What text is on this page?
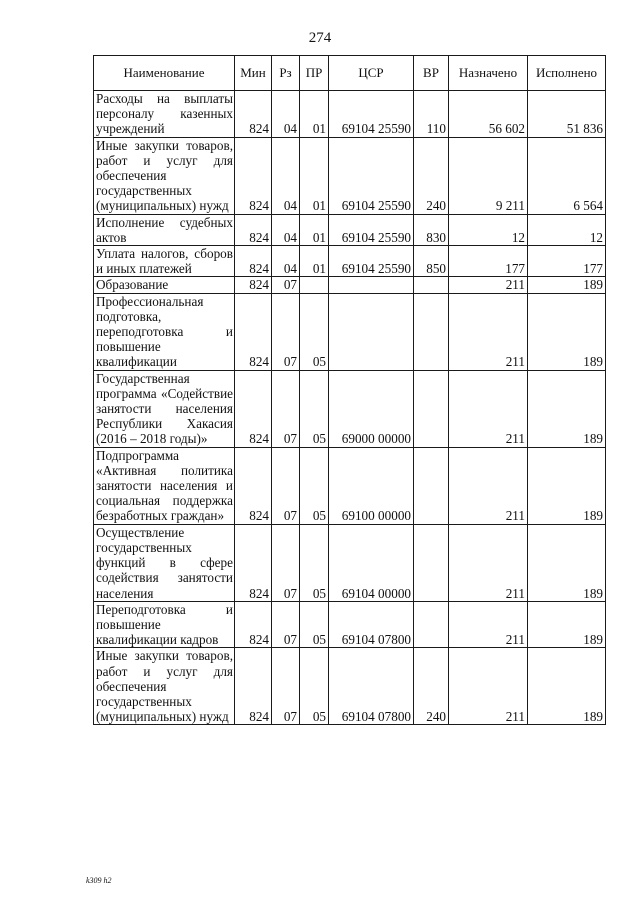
274
Наименование	Мин	Рз	ПР	ЦСР	ВР	Назначено	Исполнено
Расходы на выплаты персоналу казенных учреждений	824	04	01	69104 25590	110	56 602	51 836
Иные закупки товаров, работ и услуг для обеспечения государственных (муниципальных) нужд	824	04	01	69104 25590	240	9 211	6 564
Исполнение судебных актов	824	04	01	69104 25590	830	12	12
Уплата налогов, сборов и иных платежей	824	04	01	69104 25590	850	177	177
Образование	824	07				211	189
Профессиональная подготовка, переподготовка и повышение квалификации	824	07	05			211	189
Государственная программа «Содействие занятости населения Республики Хакасия (2016 – 2018 годы)»	824	07	05	69000 00000		211	189
Подпрограмма «Активная политика занятости населения и социальная поддержка безработных граждан»	824	07	05	69100 00000		211	189
Осуществление государственных функций в сфере содействия занятости населения	824	07	05	69104 00000		211	189
Переподготовка и повышение квалификации кадров	824	07	05	69104 07800		211	189
Иные закупки товаров, работ и услуг для обеспечения государственных (муниципальных) нужд	824	07	05	69104 07800	240	211	189
k309 h2
